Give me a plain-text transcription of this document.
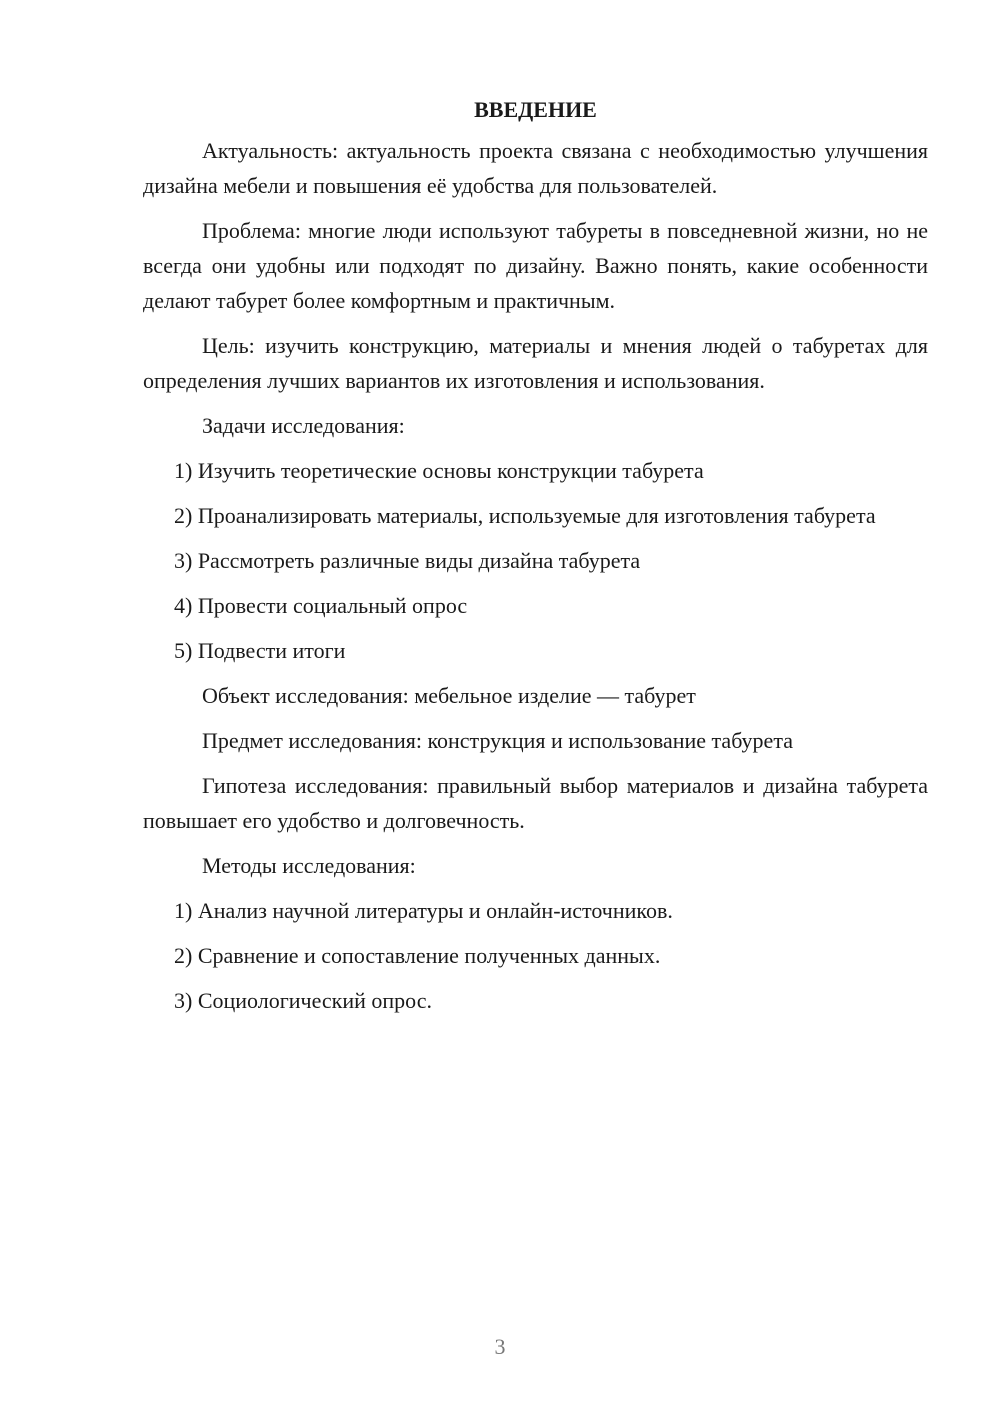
ВВЕДЕНИЕ

Актуальность: актуальность проекта связана с необходимостью улучшения дизайна мебели и повышения её удобства для пользователей.

Проблема: многие люди используют табуреты в повседневной жизни, но не всегда они удобны или подходят по дизайну. Важно понять, какие особенности делают табурет более комфортным и практичным.

Цель: изучить конструкцию, материалы и мнения людей о табуретах для определения лучших вариантов их изготовления и использования.

Задачи исследования:

1) Изучить теоретические основы конструкции табурета

2) Проанализировать материалы, используемые для изготовления табурета

3) Рассмотреть различные виды дизайна табурета

4) Провести социальный опрос

5) Подвести итоги

Объект исследования: мебельное изделие — табурет

Предмет исследования: конструкция и использование табурета

Гипотеза исследования: правильный выбор материалов и дизайна табурета повышает его удобство и долговечность.

Методы исследования:

1) Анализ научной литературы и онлайн-источников.

2) Сравнение и сопоставление полученных данных.

3) Социологический опрос.

3
